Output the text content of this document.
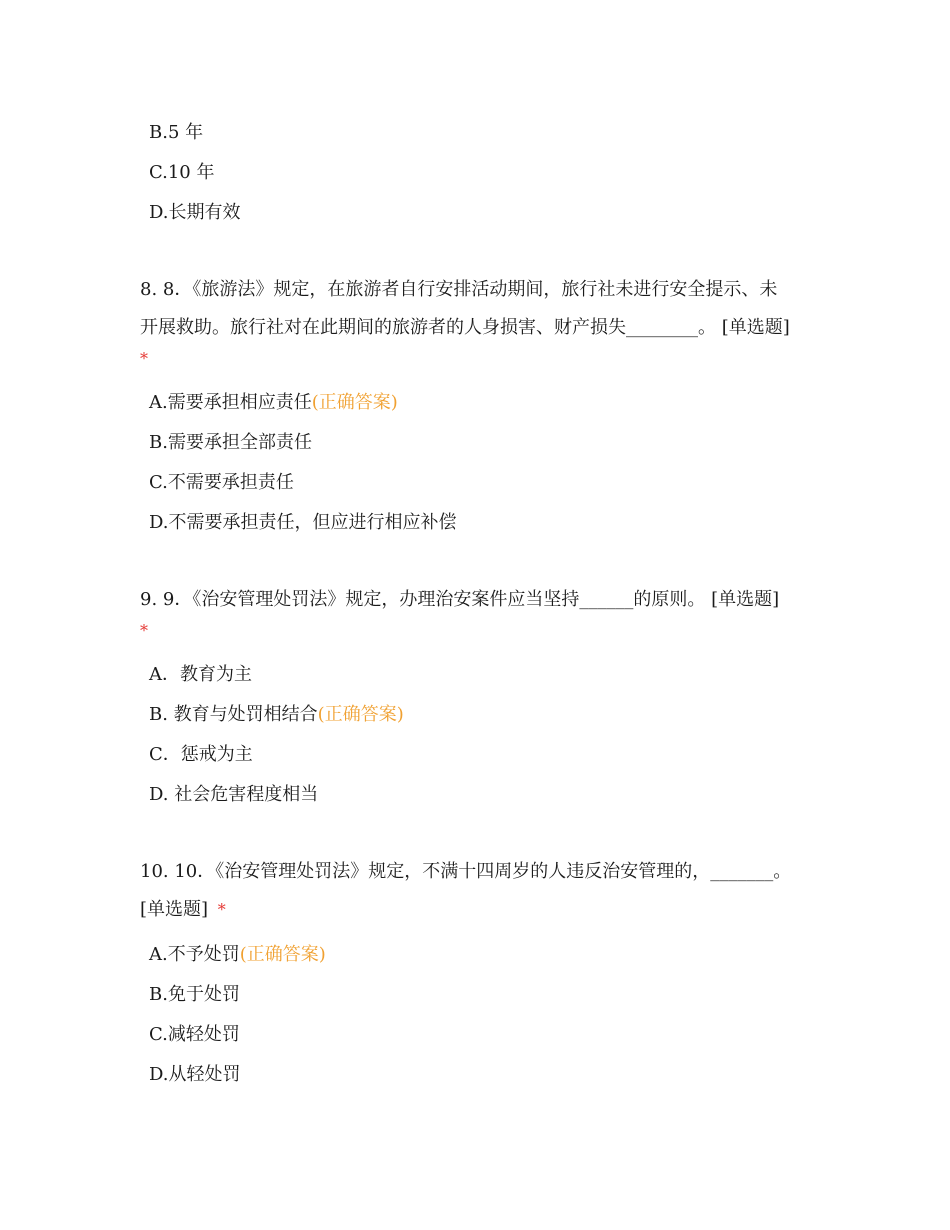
B.5 年
C.10 年
D.长期有效
8. 8．《旅游法》规定，在旅游者自行安排活动期间，旅行社未进行安全提示、未
开展救助。旅行社对在此期间的旅游者的人身损害、财产损失________。 [单选题]
*
A.需要承担相应责任(正确答案)
B.需要承担全部责任
C.不需要承担责任
D.不需要承担责任，但应进行相应补偿
9. 9．《治安管理处罚法》规定，办理治安案件应当坚持______的原则。 [单选题]
*
A．教育为主
B. 教育与处罚相结合(正确答案)
C．惩戒为主
D. 社会危害程度相当
10. 10．《治安管理处罚法》规定，不满十四周岁的人违反治安管理的，_______。
[单选题] *
A.不予处罚(正确答案)
B.免于处罚
C.减轻处罚
D.从轻处罚
